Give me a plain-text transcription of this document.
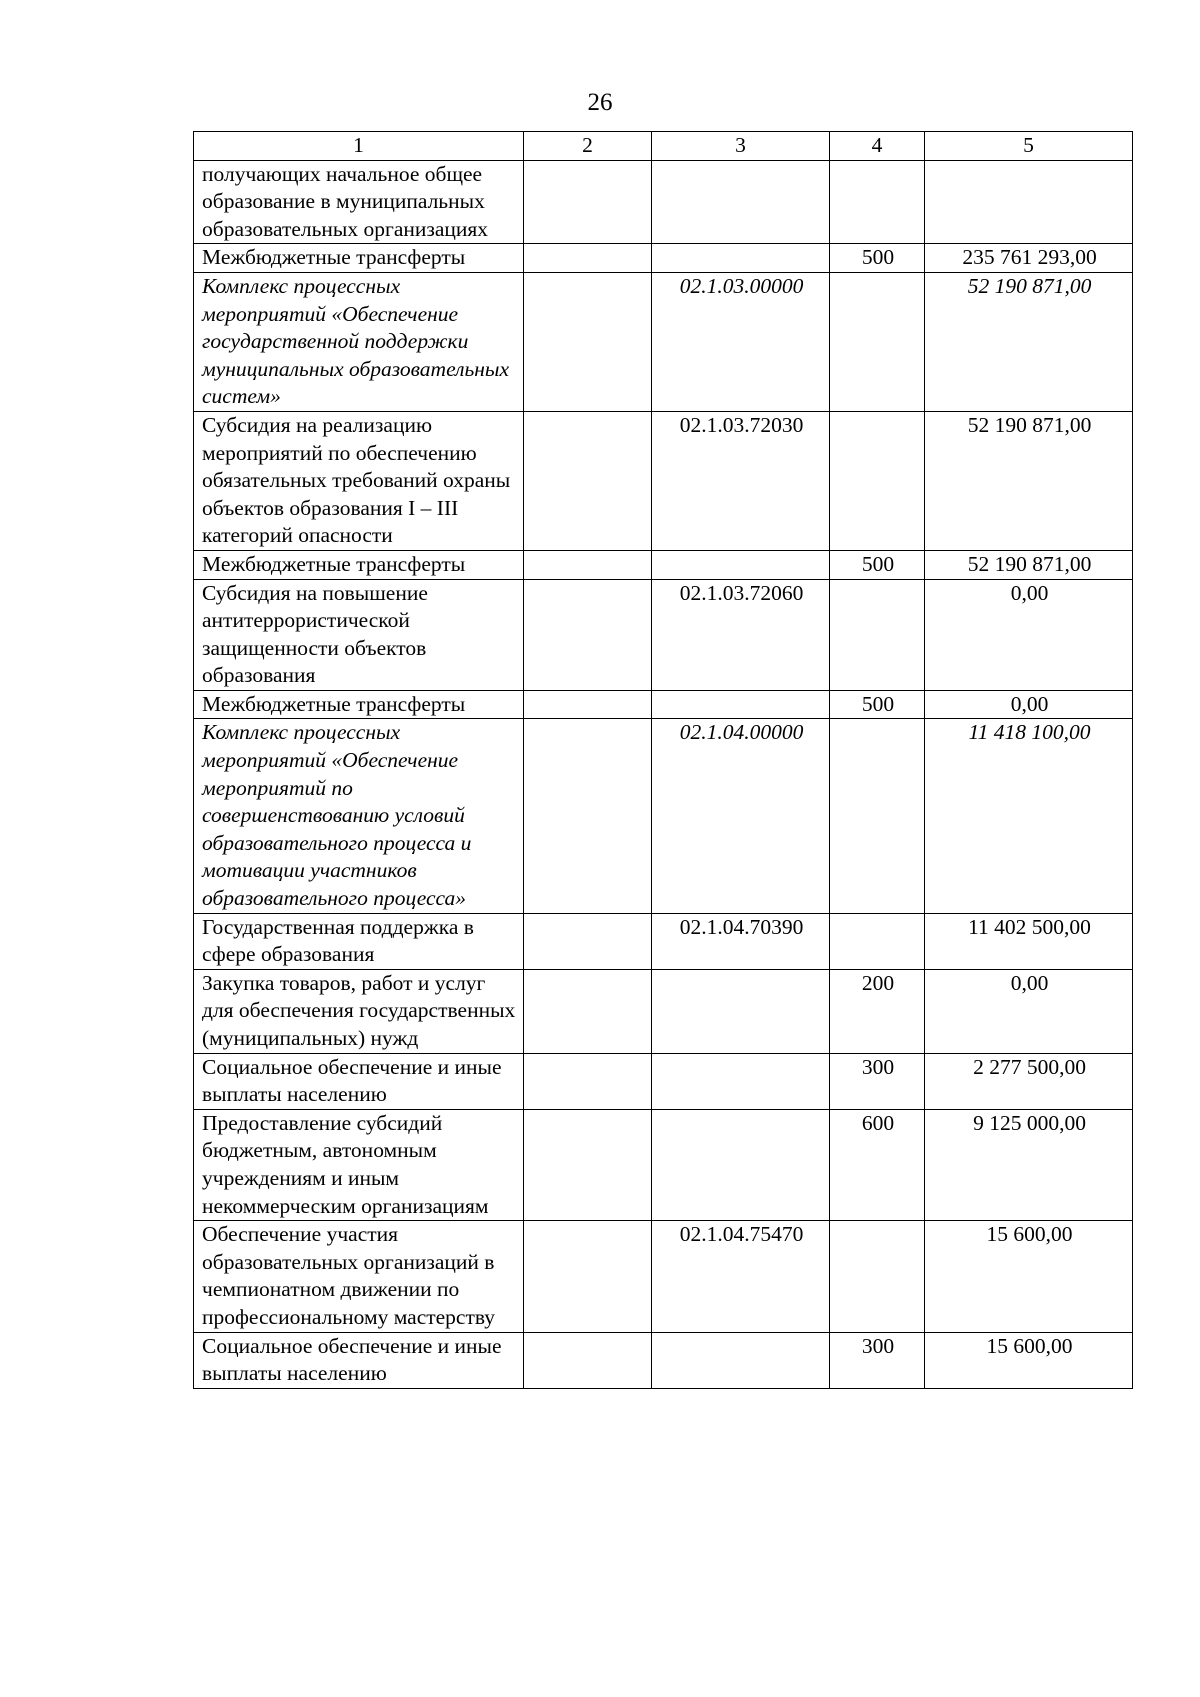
26
1	2	3	4	5
получающих начальное общее образование в муниципальных образовательных организациях				
Межбюджетные трансферты			500	235 761 293,00
Комплекс процессных мероприятий «Обеспечение государственной поддержки муниципальных образовательных систем»		02.1.03.00000		52 190 871,00
Субсидия на реализацию мероприятий по обеспечению обязательных требований охраны объектов образования I – III категорий опасности		02.1.03.72030		52 190 871,00
Межбюджетные трансферты			500	52 190 871,00
Субсидия на повышение антитеррористической защищенности объектов образования		02.1.03.72060		0,00
Межбюджетные трансферты			500	0,00
Комплекс процессных мероприятий «Обеспечение мероприятий по совершенствованию условий образовательного процесса и мотивации участников образовательного процесса»		02.1.04.00000		11 418 100,00
Государственная поддержка в сфере образования		02.1.04.70390		11 402 500,00
Закупка товаров, работ и услуг для обеспечения государственных (муниципальных) нужд			200	0,00
Социальное обеспечение и иные выплаты населению			300	2 277 500,00
Предоставление субсидий бюджетным, автономным учреждениям и иным некоммерческим организациям			600	9 125 000,00
Обеспечение участия образовательных организаций в чемпионатном движении по профессиональному мастерству		02.1.04.75470		15 600,00
Социальное обеспечение и иные выплаты населению			300	15 600,00
